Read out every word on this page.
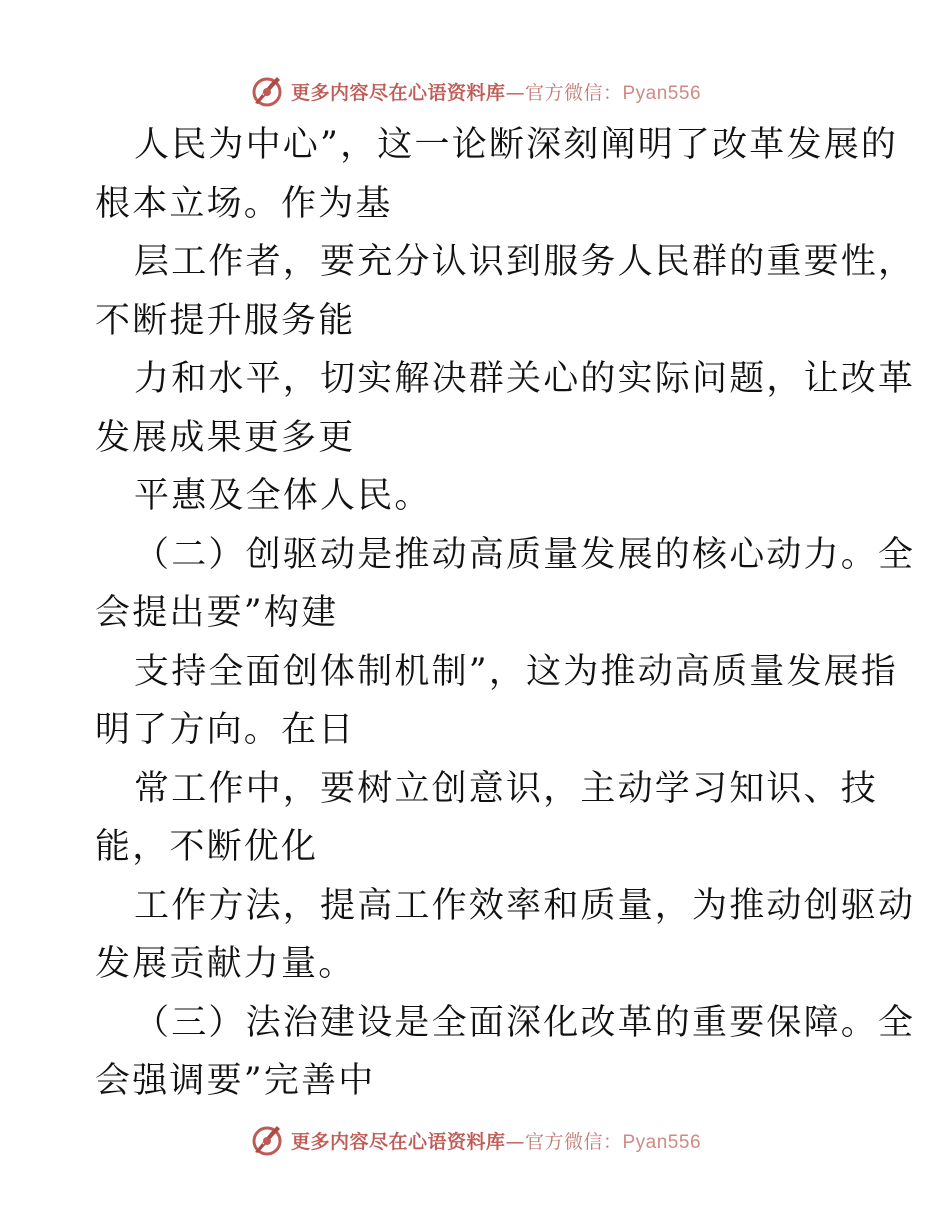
更多内容尽在心语资料库—官方微信：Pyan556

人民为中心”，这一论断深刻阐明了改革发展的
根本立场。作为基

层工作者，要充分认识到服务人民群的重要性，
不断提升服务能

力和水平，切实解决群关心的实际问题，让改革
发展成果更多更

平惠及全体人民。

（二）创驱动是推动高质量发展的核心动力。全
会提出要”构建

支持全面创体制机制”，这为推动高质量发展指
明了方向。在日

常工作中，要树立创意识，主动学习知识、技
能，不断优化

工作方法，提高工作效率和质量，为推动创驱动
发展贡献力量。

（三）法治建设是全面深化改革的重要保障。全
会强调要”完善中

更多内容尽在心语资料库—官方微信：Pyan556
